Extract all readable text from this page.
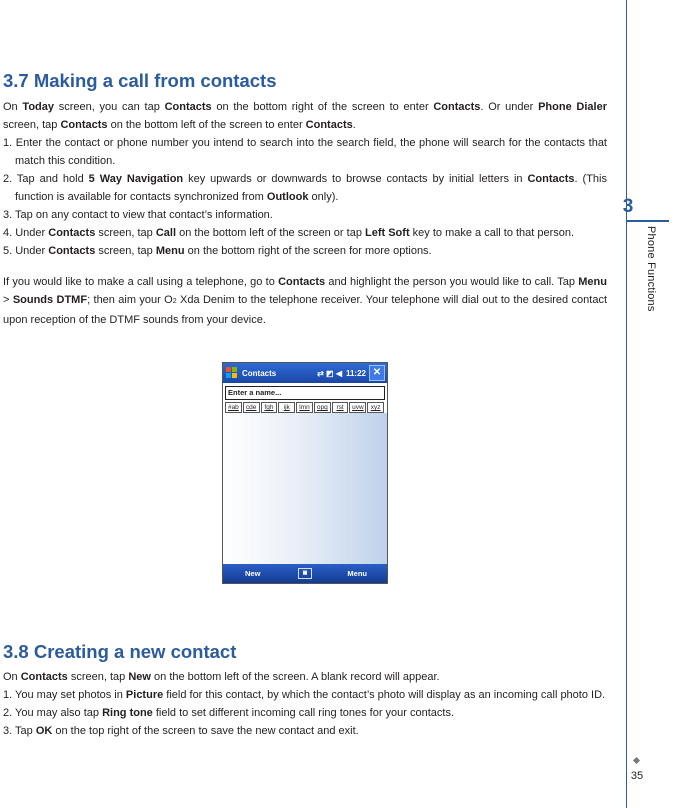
3
Phone Functions
35
3.7 Making a call from contacts

On Today screen, you can tap Contacts on the bottom right of the screen to enter Contacts. Or under Phone Dialer screen, tap Contacts on the bottom left of the screen to enter Contacts.

1. Enter the contact or phone number you intend to search into the search field, the phone will search for the contacts that match this condition.
2. Tap and hold 5 Way Navigation key upwards or downwards to browse contacts by initial letters in Contacts. (This function is available for contacts synchronized from Outlook only).
3. Tap on any contact to view that contact’s information.
4. Under Contacts screen, tap Call on the bottom left of the screen or tap Left Soft key to make a call to that person.
5. Under Contacts screen, tap Menu on the bottom right of the screen for more options.

If you would like to make a call using a telephone, go to Contacts and highlight the person you would like to call. Tap Menu > Sounds DTMF; then aim your O2 Xda Denim to the telephone receiver. Your telephone will dial out to the desired contact upon reception of the DTMF sounds from your device.

Contacts	⇄ ◩ ◀ 11:22 ✕
Enter a name...
#ab	cde	fgh	ijk	lmn	opq	rst	uvw	xyz
New	▦	Menu
3.8 Creating a new contact

On Contacts screen, tap New on the bottom left of the screen. A blank record will appear.

1. You may set photos in Picture field for this contact, by which the contact’s photo will display as an incoming call photo ID.
2. You may also tap Ring tone field to set different incoming call ring tones for your contacts.
3. Tap OK on the top right of the screen to save the new contact and exit.
